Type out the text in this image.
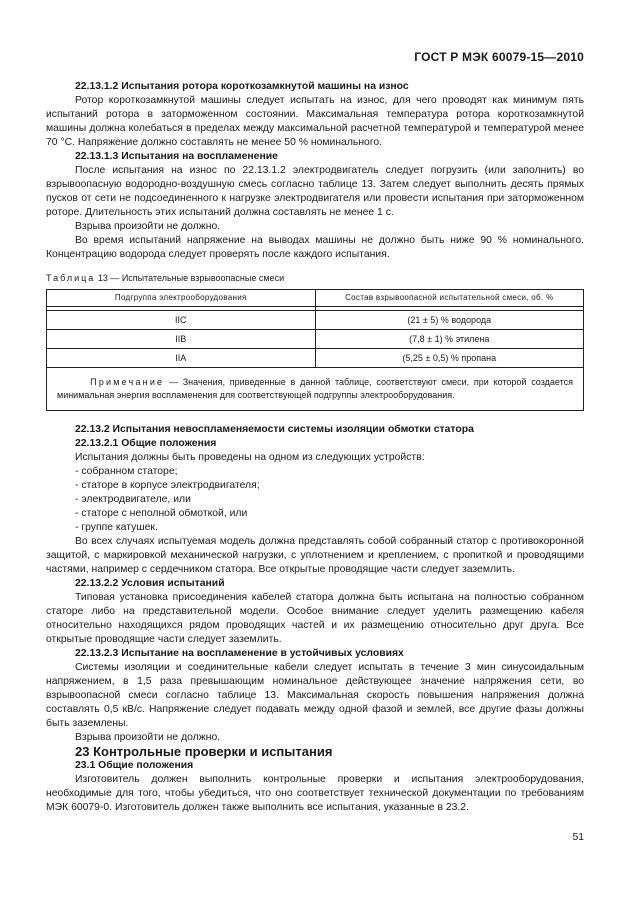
ГОСТ Р МЭК 60079-15—2010

22.13.1.2 Испытания ротора короткозамкнутой машины на износ

Ротор короткозамкнутой машины следует испытать на износ, для чего проводят как минимум пять испытаний ротора в заторможенном состоянии. Максимальная температура ротора короткозамкнутой машины должна колебаться в пределах между максимальной расчетной температурой и температурой менее 70 °С. Напряжение должно составлять не менее 50 % номинального.

22.13.1.3 Испытания на воспламенение

После испытания на износ по 22.13.1.2 электродвигатель следует погрузить (или заполнить) во взрывоопасную водородно-воздушную смесь согласно таблице 13. Затем следует выполнить десять прямых пусков от сети не подсоединенного к нагрузке электродвигателя или провести испытания при заторможенном роторе. Длительность этих испытаний должна составлять не менее 1 с.

Взрыва произойти не должно.

Во время испытаний напряжение на выводах машины не должно быть ниже 90 % номинального. Концентрацию водорода следует проверять после каждого испытания.

Таблица 13 — Испытательные взрывоопасные смеси
Подгруппа электрооборудования	Состав взрывоопасной испытательной смеси, об. %

IIC	(21 ± 5) % водорода
IIB	(7,8 ± 1) % этилена
IIA	(5,25 ± 0,5) % пропана
Примечание — Значения, приведенные в данной таблице, соответствуют смеси, при которой создается минимальная энергия воспламенения для соответствующей подгруппы электрооборудования.	

22.13.2 Испытания невоспламеняемости системы изоляции обмотки статора

22.13.2.1 Общие положения

Испытания должны быть проведены на одном из следующих устройств:

- собранном статоре;

- статоре в корпусе электродвигателя;

- электродвигателе, или

- статоре с неполной обмоткой, или

- группе катушек.

Во всех случаях испытуемая модель должна представлять собой собранный статор с противокоронной защитой, с маркировкой механической нагрузки, с уплотнением и креплением, с пропиткой и проводящими частями, например с сердечником статора. Все открытые проводящие части следует заземлить.

22.13.2.2 Условия испытаний

Типовая установка присоединения кабелей статора должна быть испытана на полностью собранном статоре либо на представительной модели. Особое внимание следует уделить размещению кабеля относительно находящихся рядом проводящих частей и их размещению относительно друг друга. Все открытые проводящие части следует заземлить.

22.13.2.3 Испытание на воспламенение в устойчивых условиях

Системы изоляции и соединительные кабели следует испытать в течение 3 мин синусоидальным напряжением, в 1,5 раза превышающим номинальное действующее значение напряжения сети, во взрывоопасной смеси согласно таблице 13. Максимальная скорость повышения напряжения должна составлять 0,5 кВ/с. Напряжение следует подавать между одной фазой и землей, все другие фазы должны быть заземлены.

Взрыва произойти не должно.

23 Контрольные проверки и испытания

23.1 Общие положения

Изготовитель должен выполнить контрольные проверки и испытания электрооборудования, необходимые для того, чтобы убедиться, что оно соответствует технической документации по требованиям МЭК 60079-0. Изготовитель должен также выполнить все испытания, указанные в 23.2.

51
